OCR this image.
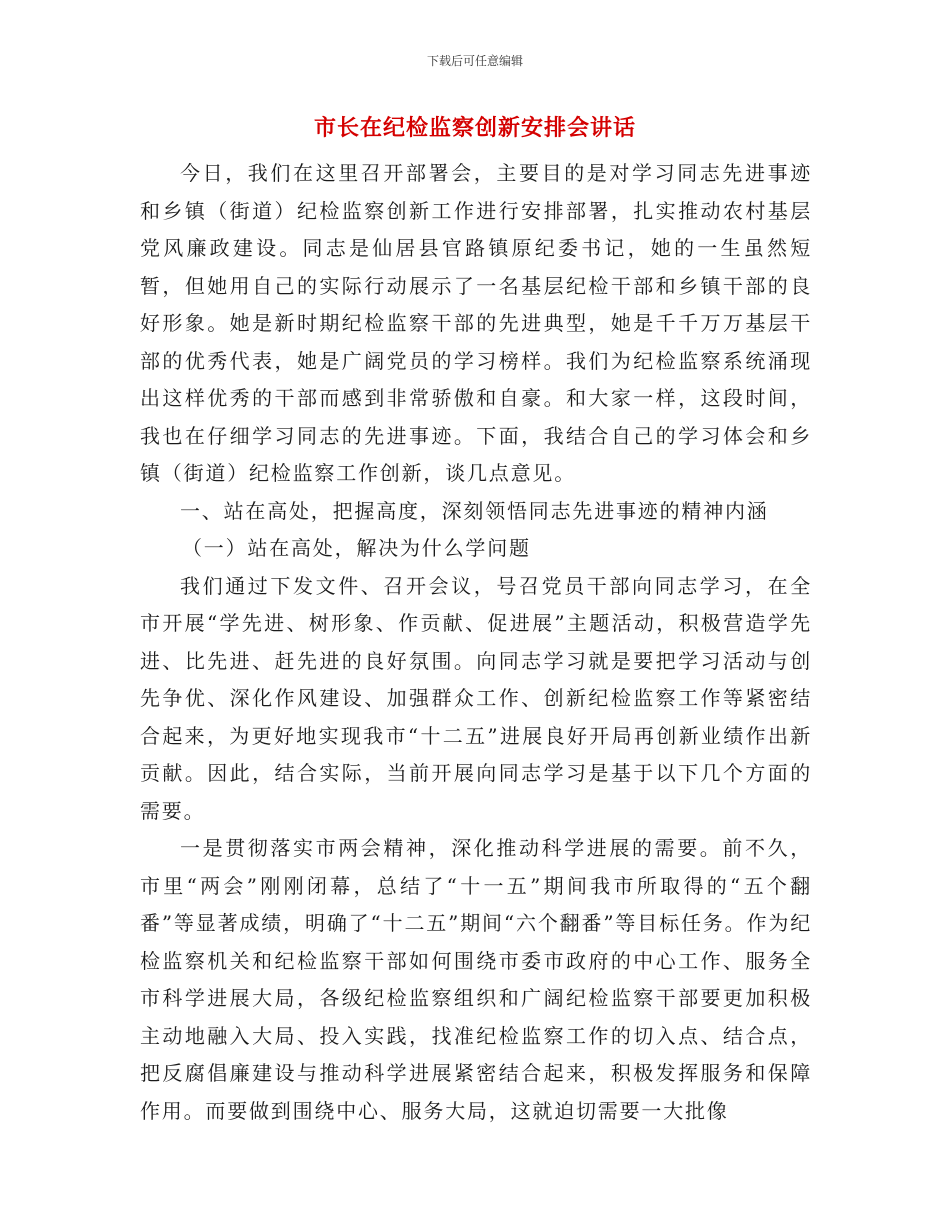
下载后可任意编辑
市长在纪检监察创新安排会讲话

今日，我们在这里召开部署会，主要目的是对学习同志先进事迹和乡镇（街道）纪检监察创新工作进行安排部署，扎实推动农村基层党风廉政建设。同志是仙居县官路镇原纪委书记，她的一生虽然短暂，但她用自己的实际行动展示了一名基层纪检干部和乡镇干部的良好形象。她是新时期纪检监察干部的先进典型，她是千千万万基层干部的优秀代表，她是广阔党员的学习榜样。我们为纪检监察系统涌现出这样优秀的干部而感到非常骄傲和自豪。和大家一样，这段时间，我也在仔细学习同志的先进事迹。下面，我结合自己的学习体会和乡镇（街道）纪检监察工作创新，谈几点意见。

一、站在高处，把握高度，深刻领悟同志先进事迹的精神内涵

（一）站在高处，解决为什么学问题

我们通过下发文件、召开会议，号召党员干部向同志学习，在全市开展“学先进、树形象、作贡献、促进展”主题活动，积极营造学先进、比先进、赶先进的良好氛围。向同志学习就是要把学习活动与创先争优、深化作风建设、加强群众工作、创新纪检监察工作等紧密结合起来，为更好地实现我市“十二五”进展良好开局再创新业绩作出新贡献。因此，结合实际，当前开展向同志学习是基于以下几个方面的需要。

一是贯彻落实市两会精神，深化推动科学进展的需要。前不久，市里“两会”刚刚闭幕，总结了“十一五”期间我市所取得的“五个翻番”等显著成绩，明确了“十二五”期间“六个翻番”等目标任务。作为纪检监察机关和纪检监察干部如何围绕市委市政府的中心工作、服务全市科学进展大局，各级纪检监察组织和广阔纪检监察干部要更加积极主动地融入大局、投入实践，找准纪检监察工作的切入点、结合点，把反腐倡廉建设与推动科学进展紧密结合起来，积极发挥服务和保障作用。而要做到围绕中心、服务大局，这就迫切需要一大批像
